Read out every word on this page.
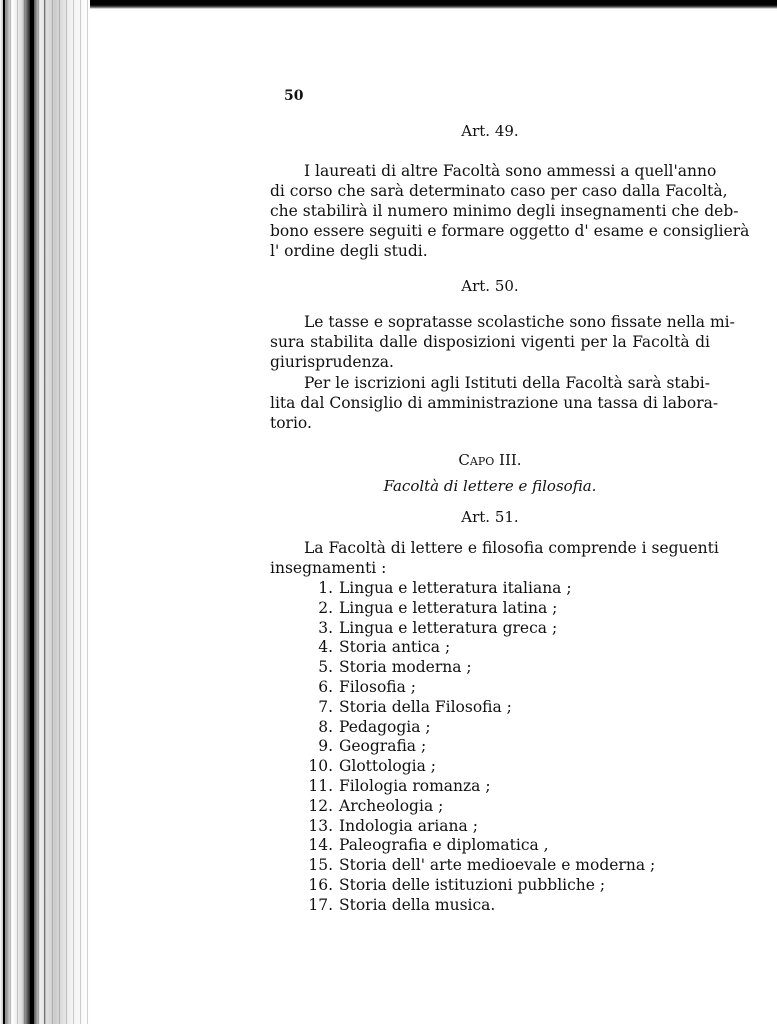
50
Art. 49.
I laureati di altre Facoltà sono ammessi a quell'anno
di corso che sarà determinato caso per caso dalla Facoltà,
che stabilirà il numero minimo degli insegnamenti che deb-
bono essere seguiti e formare oggetto d' esame e consiglierà
l' ordine degli studi.
Art. 50.
Le tasse e sopratasse scolastiche sono fissate nella mi-
sura stabilita dalle disposizioni vigenti per la Facoltà di
giurisprudenza.
Per le iscrizioni agli Istituti della Facoltà sarà stabi-
lita dal Consiglio di amministrazione una tassa di labora-
torio.
Capo III.
Facoltà di lettere e filosofia.
Art. 51.
La Facoltà di lettere e filosofia comprende i seguenti
insegnamenti :
1. Lingua e letteratura italiana ;
2. Lingua e letteratura latina ;
3. Lingua e letteratura greca ;
4. Storia antica ;
5. Storia moderna ;
6. Filosofia ;
7. Storia della Filosofia ;
8. Pedagogia ;
9. Geografia ;
10. Glottologia ;
11. Filologia romanza ;
12. Archeologia ;
13. Indologia ariana ;
14. Paleografia e diplomatica ,
15. Storia dell' arte medioevale e moderna ;
16. Storia delle istituzioni pubbliche ;
17. Storia della musica.
